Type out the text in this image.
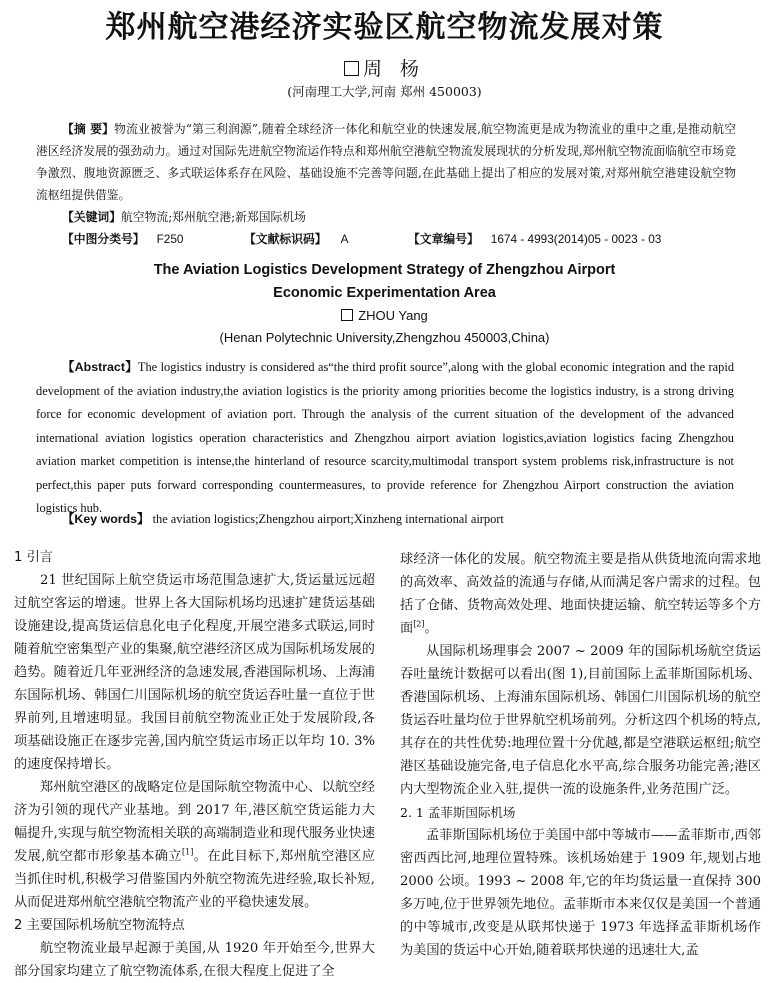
郑州航空港经济实验区航空物流发展对策
周 杨
(河南理工大学,河南 郑州 450003)
【摘 要】物流业被誉为“第三利润源”,随着全球经济一体化和航空业的快速发展,航空物流更是成为物流业的重中之重,是推动航空港区经济发展的强劲动力。通过对国际先进航空物流运作特点和郑州航空港航空物流发展现状的分析发现,郑州航空物流面临航空市场竞争激烈、腹地资源匮乏、多式联运体系存在风险、基础设施不完善等问题,在此基础上提出了相应的发展对策,对郑州航空港建设航空物流枢纽提供借鉴。
【关键词】航空物流;郑州航空港;新郑国际机场
【中图分类号】 F250	【文献标识码】 A	【文章编号】 1674 - 4993(2014)05 - 0023 - 03
The Aviation Logistics Development Strategy of Zhengzhou Airport
Economic Experimentation Area
ZHOU Yang
(Henan Polytechnic University,Zhengzhou 450003,China)
【Abstract】The logistics industry is considered as“the third profit source”,along with the global economic integration and the rapid development of the aviation industry,the aviation logistics is the priority among priorities become the logistics industry, is a strong driving force for economic development of aviation port. Through the analysis of the current situation of the development of the advanced international aviation logistics operation characteristics and Zhengzhou airport aviation logistics,aviation logistics facing Zhengzhou aviation market competition is intense,the hinterland of resource scarcity,multimodal transport system problems risk,infrastructure is not perfect,this paper puts forward corresponding countermeasures, to provide reference for Zhengzhou Airport construction the aviation logistics hub.
【Key words】 the aviation logistics;Zhengzhou airport;Xinzheng international airport
1 引言

21 世纪国际上航空货运市场范围急速扩大,货运量远远超过航空客运的增速。世界上各大国际机场均迅速扩建货运基础设施建设,提高货运信息化电子化程度,开展空港多式联运,同时随着航空密集型产业的集聚,航空港经济区成为国际机场发展的趋势。随着近几年亚洲经济的急速发展,香港国际机场、上海浦东国际机场、韩国仁川国际机场的航空货运吞吐量一直位于世界前列,且增速明显。我国目前航空物流业正处于发展阶段,各项基础设施正在逐步完善,国内航空货运市场正以年均 10. 3% 的速度保持增长。

郑州航空港区的战略定位是国际航空物流中心、以航空经济为引领的现代产业基地。到 2017 年,港区航空货运能力大幅提升,实现与航空物流相关联的高端制造业和现代服务业快速发展,航空都市形象基本确立[1]。在此目标下,郑州航空港区应当抓住时机,积极学习借鉴国内外航空物流先进经验,取长补短,从而促进郑州航空港航空物流产业的平稳快速发展。

2 主要国际机场航空物流特点

航空物流业最早起源于美国,从 1920 年开始至今,世界大部分国家均建立了航空物流体系,在很大程度上促进了全

球经济一体化的发展。航空物流主要是指从供货地流向需求地的高效率、高效益的流通与存储,从而满足客户需求的过程。包括了仓储、货物高效处理、地面快捷运输、航空转运等多个方面[2]。

从国际机场理事会 2007 ~ 2009 年的国际机场航空货运吞吐量统计数据可以看出(图 1),目前国际上孟菲斯国际机场、香港国际机场、上海浦东国际机场、韩国仁川国际机场的航空货运吞吐量均位于世界航空机场前列。分析这四个机场的特点,其存在的共性优势:地理位置十分优越,都是空港联运枢纽;航空港区基础设施完备,电子信息化水平高,综合服务功能完善;港区内大型物流企业入驻,提供一流的设施条件,业务范围广泛。

2. 1 孟菲斯国际机场

孟菲斯国际机场位于美国中部中等城市——孟菲斯市,西邻密西西比河,地理位置特殊。该机场始建于 1909 年,规划占地 2000 公顷。1993 ~ 2008 年,它的年均货运量一直保持 300 多万吨,位于世界领先地位。孟菲斯市本来仅仅是美国一个普通的中等城市,改变是从联邦快递于 1973 年选择孟菲斯机场作为美国的货运中心开始,随着联邦快递的迅速壮大,孟
